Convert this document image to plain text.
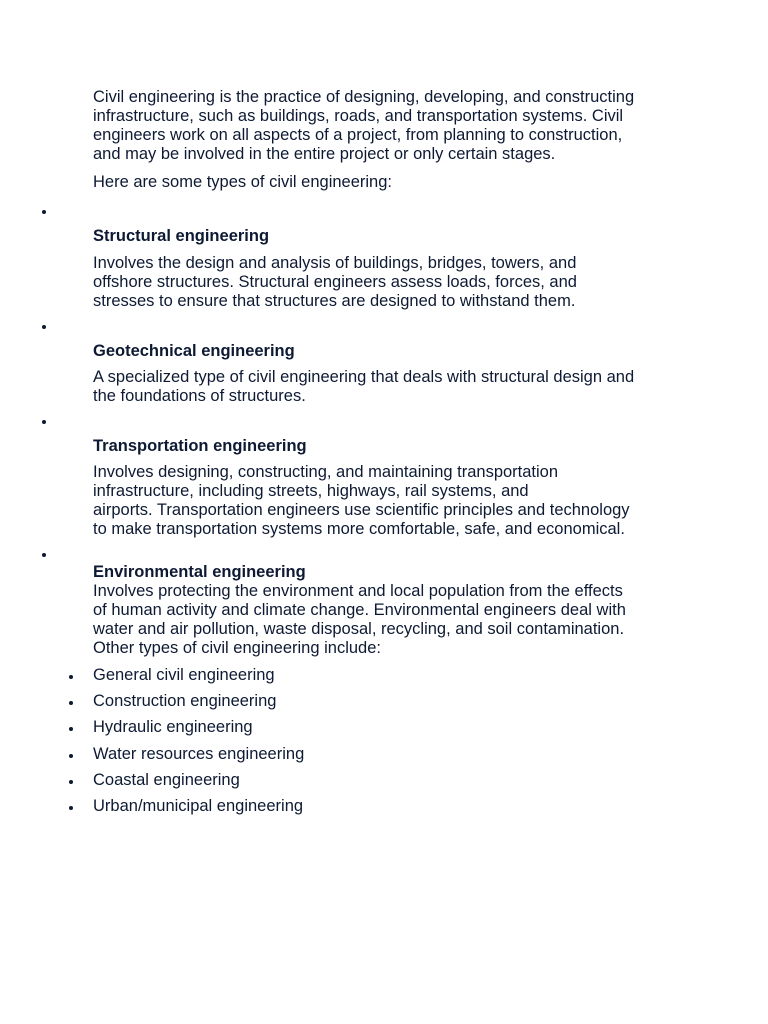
Civil engineering is the practice of designing, developing, and constructing
infrastructure, such as buildings, roads, and transportation systems. Civil
engineers work on all aspects of a project, from planning to construction,
and may be involved in the entire project or only certain stages.

Here are some types of civil engineering:

Structural engineering

Involves the design and analysis of buildings, bridges, towers, and
offshore structures. Structural engineers assess loads, forces, and
stresses to ensure that structures are designed to withstand them.

Geotechnical engineering

A specialized type of civil engineering that deals with structural design and
the foundations of structures.

Transportation engineering

Involves designing, constructing, and maintaining transportation
infrastructure, including streets, highways, rail systems, and
airports. Transportation engineers use scientific principles and technology
to make transportation systems more comfortable, safe, and economical.

Environmental engineering

Involves protecting the environment and local population from the effects
of human activity and climate change. Environmental engineers deal with
water and air pollution, waste disposal, recycling, and soil contamination.
Other types of civil engineering include:

General civil engineering
Construction engineering
Hydraulic engineering
Water resources engineering
Coastal engineering
Urban/municipal engineering
